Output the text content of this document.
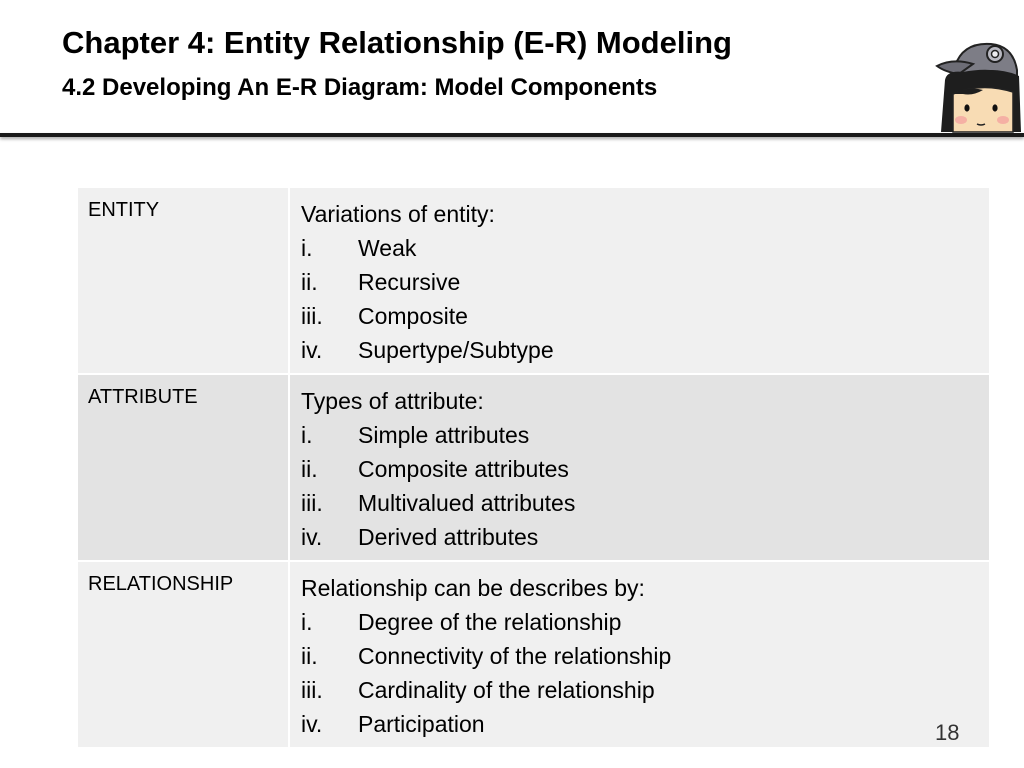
Chapter 4: Entity Relationship (E-R) Modeling
4.2 Developing An E-R Diagram: Model Components
ENTITY	Variations of entity:
i.	Weak
ii.	Recursive
iii.	Composite
iv.	Supertype/Subtype
ATTRIBUTE	Types of attribute:
i.	Simple attributes
ii.	Composite attributes
iii.	Multivalued attributes
iv.	Derived attributes
RELATIONSHIP	Relationship can be describes by:
i.	Degree of the relationship
ii.	Connectivity of the relationship
iii.	Cardinality of the relationship
iv.	Participation	18
